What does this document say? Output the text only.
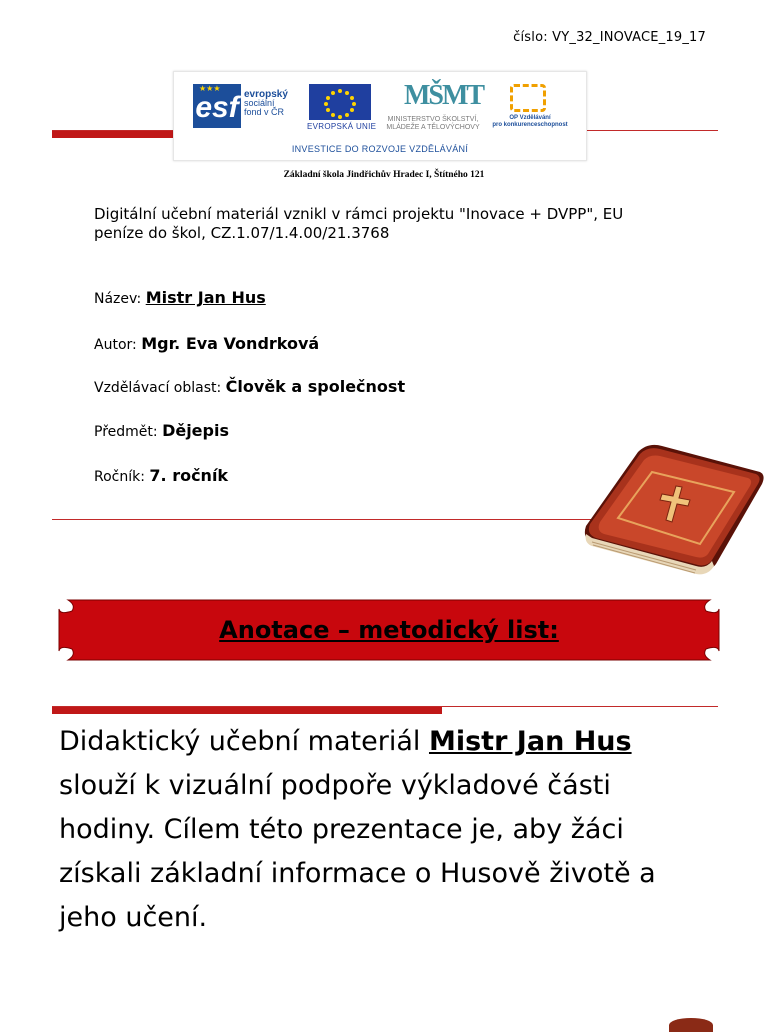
číslo: VY_32_INOVACE_19_17
★★★
esf evropský
sociální
fond v ČR
EVROPSKÁ UNIE
MŠMT
MINISTERSTVO ŠKOLSTVÍ,
MLÁDEŽE A TĚLOVÝCHOVY
OP Vzdělávání
pro konkurenceschopnost
INVESTICE DO ROZVOJE VZDĚLÁVÁNÍ
Základní škola Jindřichův Hradec I, Štítného 121
Digitální učební materiál vznikl v rámci projektu "Inovace + DVPP", EU peníze do škol, CZ.1.07/1.4.00/21.3768
Název: Mistr Jan Hus
Autor: Mgr. Eva Vondrková
Vzdělávací oblast: Člověk a společnost
Předmět: Dějepis
Ročník: 7. ročník
Anotace – metodický list:
Didaktický učební materiál Mistr Jan Hus slouží k vizuální podpoře výkladové části hodiny. Cílem této prezentace je, aby žáci získali základní informace o Husově životě a jeho učení.
